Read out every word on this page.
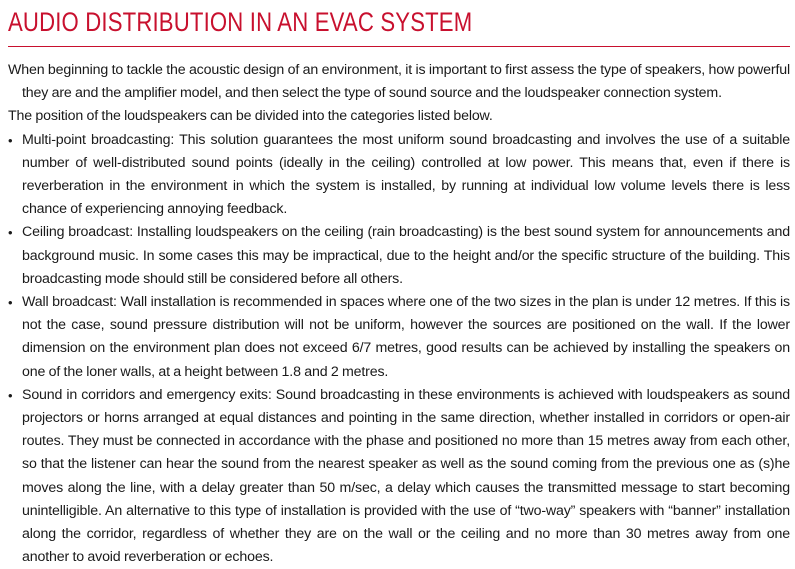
AUDIO DISTRIBUTION IN AN EVAC SYSTEM

When beginning to tackle the acoustic design of an environment, it is important to first assess the type of speakers, how powerful they are and the amplifier model, and then select the type of sound source and the loudspeaker connection system.

The position of the loudspeakers can be divided into the categories listed below.

• Multi-point broadcasting: This solution guarantees the most uniform sound broadcasting and involves the use of a suitable number of well-distributed sound points (ideally in the ceiling) controlled at low power. This means that, even if there is reverberation in the environment in which the system is installed, by running at individual low volume levels there is less chance of experiencing annoying feedback.
• Ceiling broadcast: Installing loudspeakers on the ceiling (rain broadcasting) is the best sound system for announcements and background music. In some cases this may be impractical, due to the height and/or the specific structure of the building. This broadcasting mode should still be considered before all others.
• Wall broadcast: Wall installation is recommended in spaces where one of the two sizes in the plan is under 12 metres. If this is not the case, sound pressure distribution will not be uniform, however the sources are positioned on the wall. If the lower dimension on the environment plan does not exceed 6/7 metres, good results can be achieved by installing the speakers on one of the loner walls, at a height between 1.8 and 2 metres.
• Sound in corridors and emergency exits: Sound broadcasting in these environments is achieved with loudspeakers as sound projectors or horns arranged at equal distances and pointing in the same direction, whether installed in corridors or open-air routes. They must be connected in accordance with the phase and positioned no more than 15 metres away from each other, so that the listener can hear the sound from the nearest speaker as well as the sound coming from the previous one as (s)he moves along the line, with a delay greater than 50 m/sec, a delay which causes the transmitted message to start becoming unintelligible. An alternative to this type of installation is provided with the use of “two-way” speakers with “banner” installation along the corridor, regardless of whether they are on the wall or the ceiling and no more than 30 metres away from one another to avoid reverberation or echoes.
